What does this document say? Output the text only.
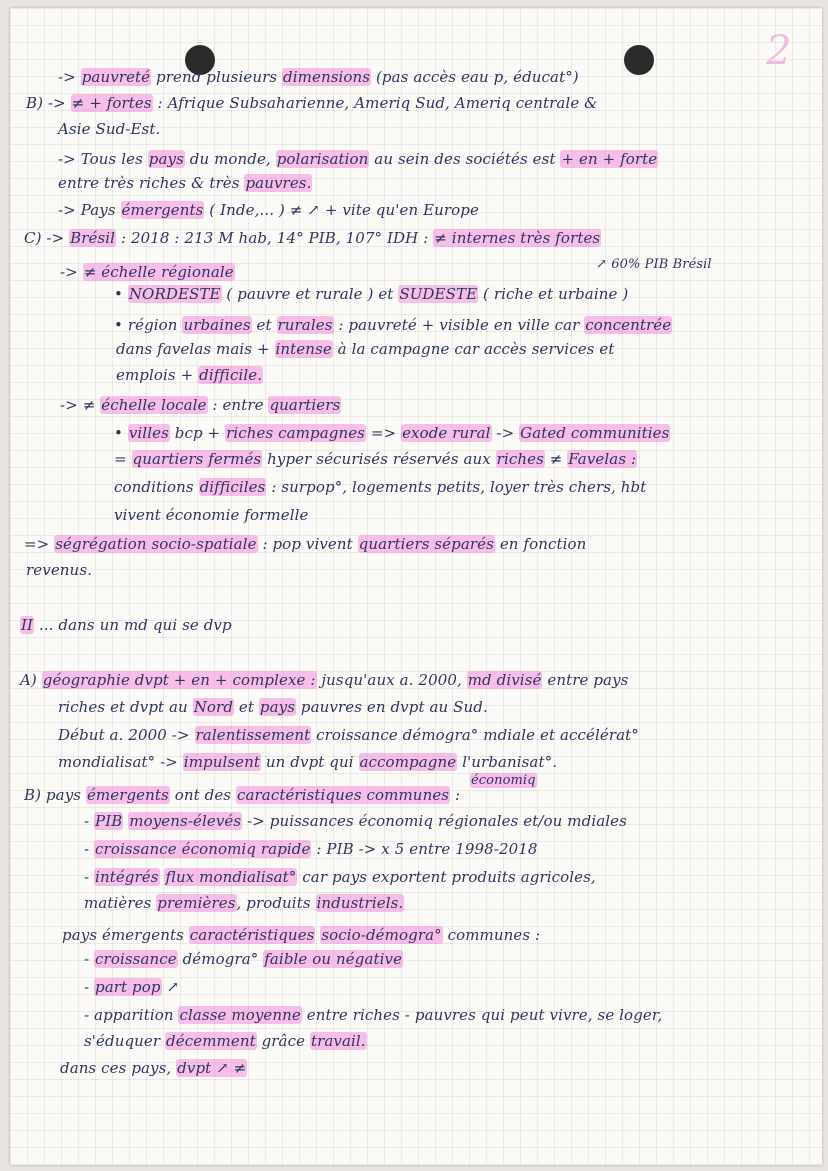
2
-> pauvreté prend plusieurs dimensions (pas accès eau p, éducat°)
B) -> ≠ + fortes : Afrique Subsaharienne, Ameriq Sud, Ameriq centrale &
Asie Sud-Est.
-> Tous les pays du monde, polarisation au sein des sociétés est + en + forte
entre très riches & très pauvres.
-> Pays émergents ( Inde,... ) ≠ ↗ + vite qu'en Europe
C) -> Brésil : 2018 : 213 M hab, 14° PIB, 107° IDH : ≠ internes très fortes
↗ 60% PIB Brésil
-> ≠ échelle régionale
• NORDESTE ( pauvre et rurale ) et SUDESTE ( riche et urbaine )
• région urbaines et rurales : pauvreté + visible en ville car concentrée
dans favelas mais + intense à la campagne car accès services et
emplois + difficile.
-> ≠ échelle locale : entre quartiers
• villes bcp + riches campagnes => exode rural -> Gated communities
= quartiers fermés hyper sécurisés réservés aux riches ≠ Favelas :
conditions difficiles : surpop°, logements petits, loyer très chers, hbt
vivent économie formelle
=> ségrégation socio-spatiale : pop vivent quartiers séparés en fonction
revenus.
II ... dans un md qui se dvp
A) géographie dvpt + en + complexe : jusqu'aux a. 2000, md divisé entre pays
riches et dvpt au Nord et pays pauvres en dvpt au Sud.
Début a. 2000 -> ralentissement croissance démogra° mdiale et accélérat°
mondialisat° -> impulsent un dvpt qui accompagne l'urbanisat°.
économiq
B) pays émergents ont des caractéristiques communes :
- PIB moyens-élevés -> puissances économiq régionales et/ou mdiales
- croissance économiq rapide : PIB -> x 5 entre 1998-2018
- intégrés flux mondialisat° car pays exportent produits agricoles,
matières premières, produits industriels.
pays émergents caractéristiques socio-démogra° communes :
- croissance démogra° faible ou négative
- part pop ↗
- apparition classe moyenne entre riches - pauvres qui peut vivre, se loger,
s'éduquer décemment grâce travail.
dans ces pays, dvpt ↗ ≠
